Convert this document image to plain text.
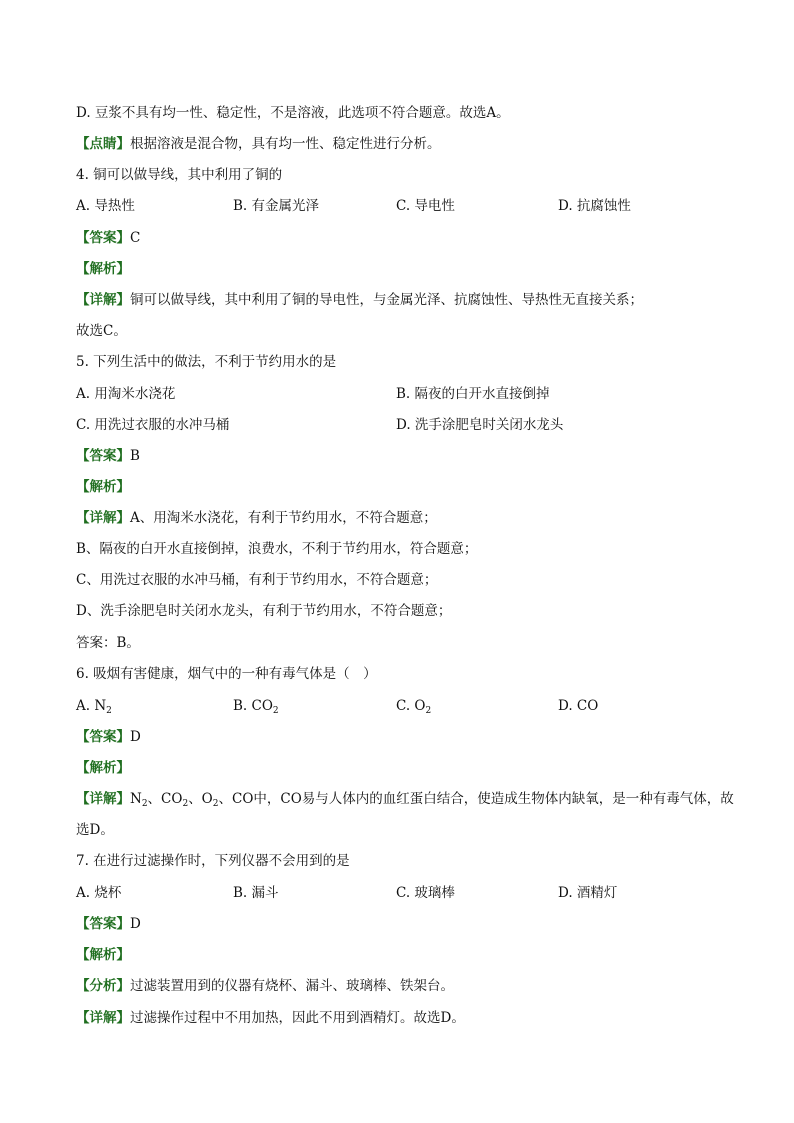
D. 豆浆不具有均一性、稳定性，不是溶液，此选项不符合题意。故选A。
【点睛】根据溶液是混合物，具有均一性、稳定性进行分析。
4. 铜可以做导线，其中利用了铜的
A. 导热性	B. 有金属光泽	C. 导电性	D. 抗腐蚀性
【答案】C
【解析】
【详解】铜可以做导线，其中利用了铜的导电性，与金属光泽、抗腐蚀性、导热性无直接关系；
故选C。
5. 下列生活中的做法，不利于节约用水的是
A. 用淘米水浇花	B. 隔夜的白开水直接倒掉
C. 用洗过衣服的水冲马桶	D. 洗手涂肥皂时关闭水龙头
【答案】B
【解析】
【详解】A、用淘米水浇花，有利于节约用水，不符合题意；
B、隔夜的白开水直接倒掉，浪费水，不利于节约用水，符合题意；
C、用洗过衣服的水冲马桶，有利于节约用水，不符合题意；
D、洗手涂肥皂时关闭水龙头，有利于节约用水，不符合题意；
答案：B。
6. 吸烟有害健康，烟气中的一种有毒气体是（　）
A. $N_2$	B. $CO_2$	C. $O_2$	D. CO
【答案】D
【解析】
【详解】$N_2$、$CO_2$、$O_2$、CO中，CO易与人体内的血红蛋白结合，使造成生物体内缺氧，是一种有毒气体，故
选D。
7. 在进行过滤操作时，下列仪器不会用到的是
A. 烧杯	B. 漏斗	C. 玻璃棒	D. 酒精灯
【答案】D
【解析】
【分析】过滤装置用到的仪器有烧杯、漏斗、玻璃棒、铁架台。
【详解】过滤操作过程中不用加热，因此不用到酒精灯。故选D。
